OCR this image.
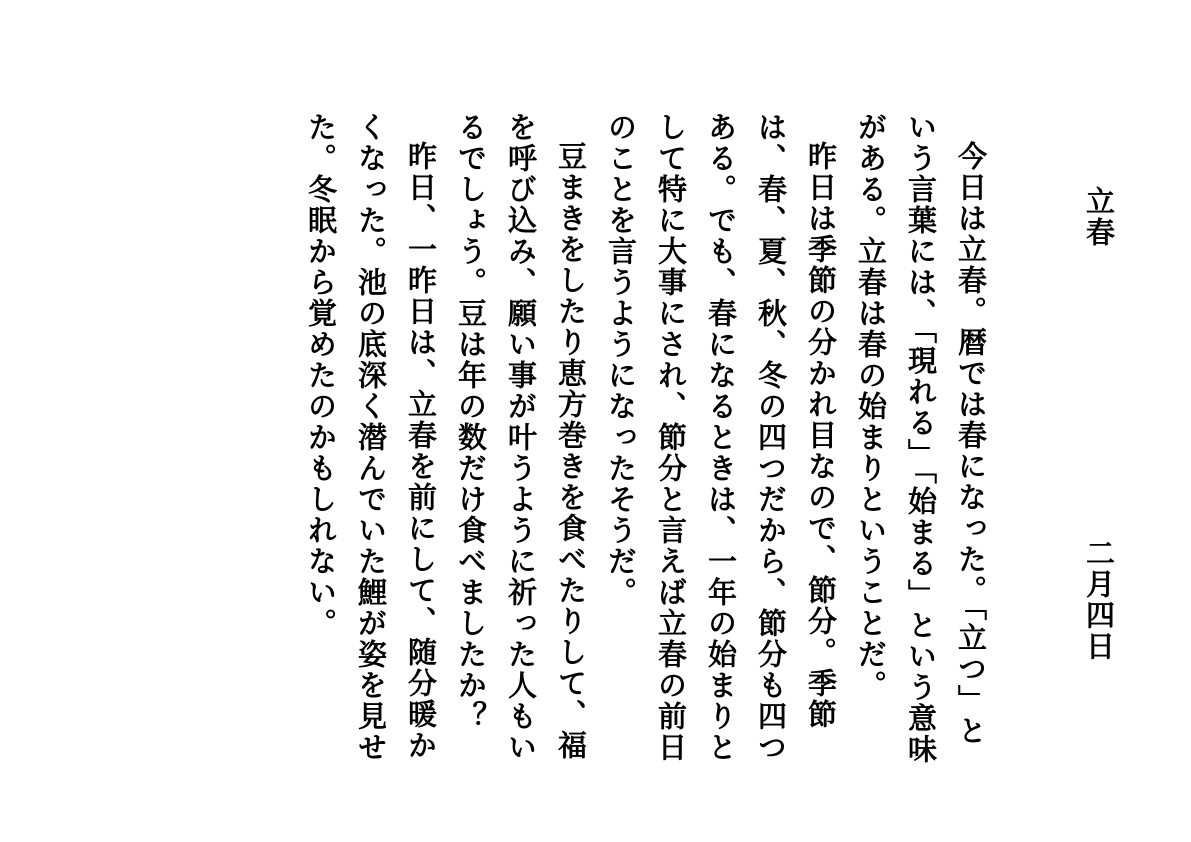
立春
二月四日
今日は立春。暦では春になった。「立つ」という言葉には、「現れる」「始まる」という意味がある。立春は春の始まりということだ。
昨日は季節の分かれ目なので、節分。季節は、春、夏、秋、冬の四つだから、節分も四つある。でも、春になるときは、一年の始まりとして特に大事にされ、節分と言えば立春の前日のことを言うようになったそうだ。
豆まきをしたり恵方巻きを食べたりして、福を呼び込み、願い事が叶うように祈った人もいるでしょう。豆は年の数だけ食べましたか？
昨日、一昨日は、立春を前にして、随分暖かくなった。池の底深く潜んでいた鯉が姿を見せた。冬眠から覚めたのかもしれない。
